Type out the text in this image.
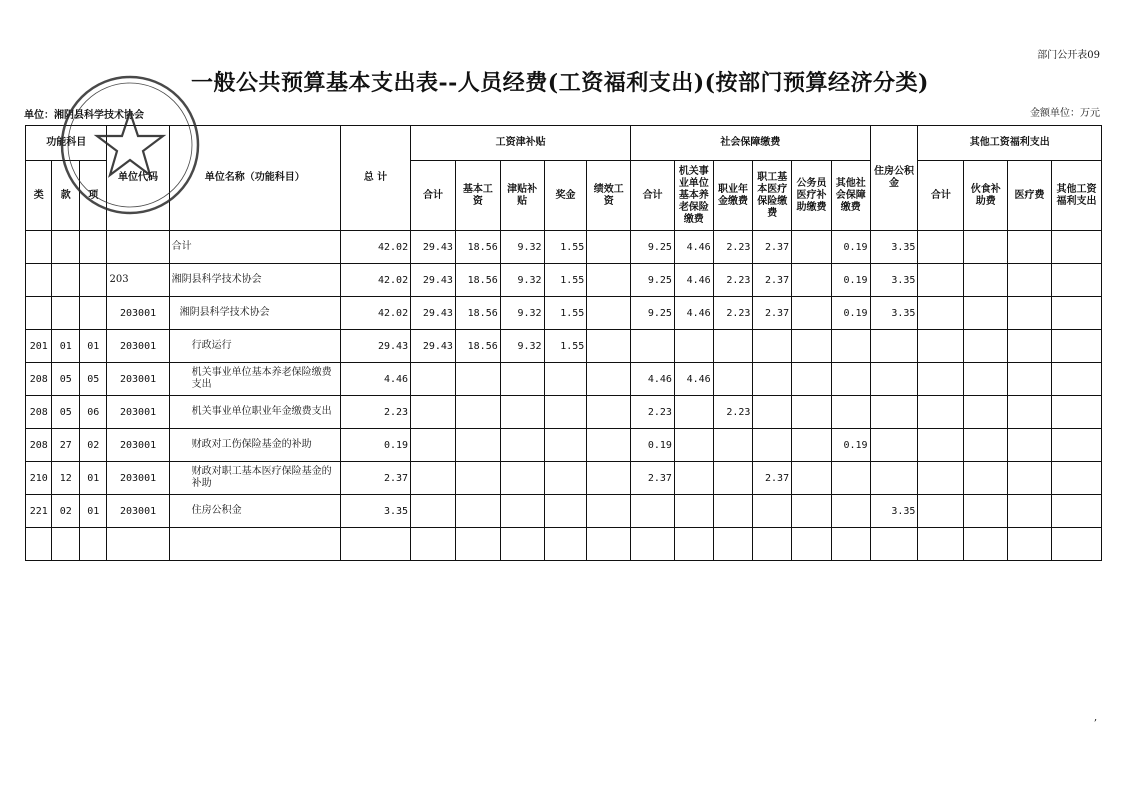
部门公开表09
一般公共预算基本支出表--人员经费(工资福利支出)(按部门预算经济分类)
单位：湘阴县科学技术协会	金额单位：万元
功能科目			单位代码	单位名称（功能科目）	总 计	工资津补贴					社会保障缴费						住房公积金	其他工资福利支出			
类	款	项				合计	基本工资	津贴补贴	奖金	绩效工资	合计	机关事业单位基本养老保险缴费	职业年金缴费	职工基本医疗保险缴费	公务员医疗补助缴费	其他社会保障缴费		合计	伙食补助费	医疗费	其他工资福利支出
				合计	42.02	29.43	18.56	9.32	1.55		9.25	4.46	2.23	2.37		0.19	3.35				
			203	湘阴县科学技术协会	42.02	29.43	18.56	9.32	1.55		9.25	4.46	2.23	2.37		0.19	3.35				
			203001	湘阴县科学技术协会	42.02	29.43	18.56	9.32	1.55		9.25	4.46	2.23	2.37		0.19	3.35				
201	01	01	203001	行政运行	29.43	29.43	18.56	9.32	1.55												
208	05	05	203001	机关事业单位基本养老保险缴费支出	4.46						4.46	4.46									
208	05	06	203001	机关事业单位职业年金缴费支出	2.23						2.23		2.23								
208	27	02	203001	财政对工伤保险基金的补助	0.19						0.19					0.19					
210	12	01	203001	财政对职工基本医疗保险基金的补助	2.37						2.37			2.37							
221	02	01	203001	住房公积金	3.35												3.35				

,
